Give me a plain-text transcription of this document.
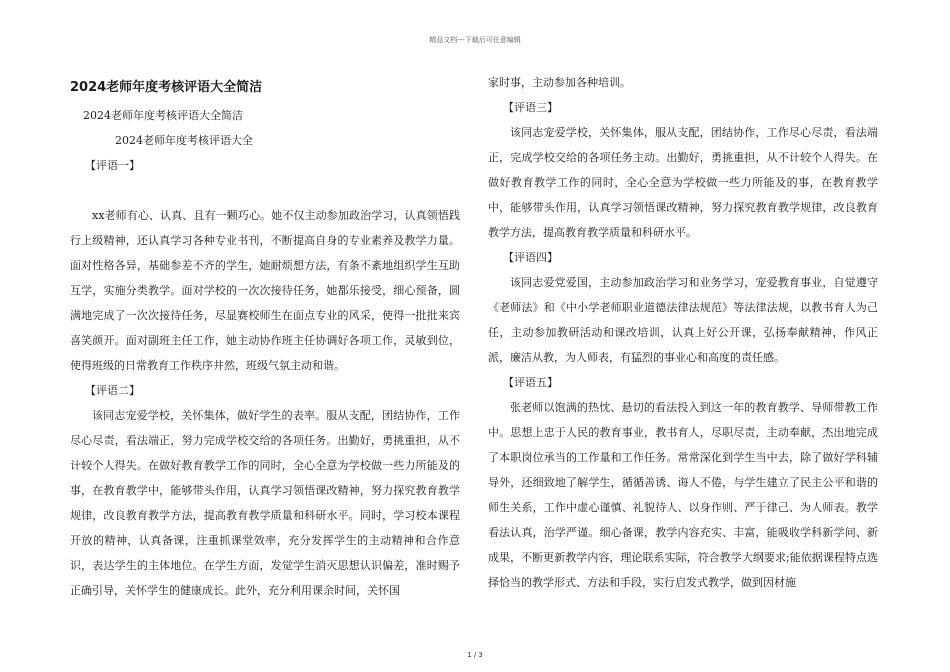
精品文档---下载后可任意编辑
2024老师年度考核评语大全简洁
2024老师年度考核评语大全简洁
2024老师年度考核评语大全
【评语一】
xx老师有心、认真、且有一颗巧心。她不仅主动参加政治学习，认真领悟践行上级精神，还认真学习各种专业书刊，不断提高自身的专业素养及教学力量。面对性格各异，基础参差不齐的学生，她耐烦想方法，有条不紊地组织学生互助互学，实施分类教学。面对学校的一次次接待任务，她都乐接受，细心预备，圆满地完成了一次次接待任务，尽显赛校师生在面点专业的风采，使得一批批来宾喜笑颜开。面对副班主任工作，她主动协作班主任协调好各项工作，灵敏到位，使得班级的日常教育工作秩序井然，班级气氛主动和谐。
【评语二】
该同志宠爱学校，关怀集体，做好学生的表率。服从支配，团结协作，工作尽心尽责，看法端正，努力完成学校交给的各项任务。出勤好，勇挑重担，从不计较个人得失。在做好教育教学工作的同时，全心全意为学校做一些力所能及的事，在教育教学中，能够带头作用，认真学习领悟课改精神，努力探究教育教学规律，改良教育教学方法，提高教育教学质量和科研水平。同时，学习校本课程开放的精神，认真备课，注重抓课堂效率，充分发挥学生的主动精神和合作意识，表达学生的主体地位。在学生方面，发觉学生消灭思想认识偏差，准时赐予正确引导，关怀学生的健康成长。此外，充分利用课余时间，关怀国
家时事，主动参加各种培训。
【评语三】
该同志宠爱学校，关怀集体，服从支配，团结协作，工作尽心尽责，看法端正，完成学校交给的各项任务主动。出勤好，勇挑重担，从不计较个人得失。在做好教育教学工作的同时，全心全意为学校做一些力所能及的事，在教育教学中，能够带头作用，认真学习领悟课改精神，努力探究教育教学规律，改良教育教学方法，提高教育教学质量和科研水平。
【评语四】
该同志爱党爱国，主动参加政治学习和业务学习，宠爱教育事业，自觉遵守《老师法》和《中小学老师职业道德法律法规范》等法律法规，以教书育人为己任，主动参加教研活动和课改培训，认真上好公开课，弘扬奉献精神，作风正派，廉洁从教，为人师表，有猛烈的事业心和高度的责任感。
【评语五】
张老师以饱满的热忱、悬切的看法投入到这一年的教育教学、导师带教工作中。思想上忠于人民的教育事业，教书育人，尽职尽责，主动奉献，杰出地完成了本职岗位承当的工作量和工作任务。常常深化到学生当中去，除了做好学科辅导外，还细致地了解学生，循循善诱、诲人不倦，与学生建立了民主公平和谐的师生关系，工作中虚心谨慎、礼貌待人、以身作则、严于律己、为人师表。教学看法认真，治学严谨。细心备课，教学内容充实、丰富，能吸收学科新学问、新成果，不断更新教学内容，理论联系实际，符合教学大纲要求;能依据课程特点选择恰当的教学形式、方法和手段，实行启发式教学，做到因材施
1 / 3
